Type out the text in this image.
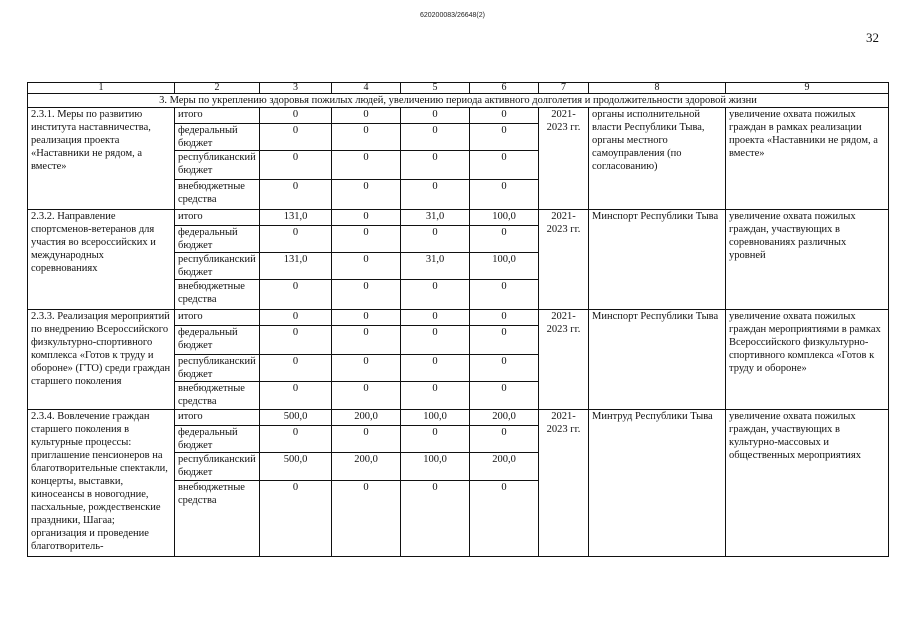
620200083/26648(2)
32
1	2	3	4	5	6	7	8	9
3. Меры по укреплению здоровья пожилых людей, увеличению периода активного долголетия и продолжительности здоровой жизни								
2.3.1. Меры по развитию института наставничества, реализация проекта «Наставники не рядом, а вместе»	итого	0	0	0	0	2021-2023 гг.	органы исполнительной власти Республики Тыва, органы местного самоуправления (по согласованию)	увеличение охвата пожилых граждан в рамках реализации проекта «Наставники не рядом, а вместе»
	федеральный бюджет	0	0	0	0			
	республиканский бюджет	0	0	0	0			
	внебюджетные средства	0	0	0	0			
2.3.2. Направление спортсменов-ветеранов для участия во всероссийских и международных соревнованиях	итого	131,0	0	31,0	100,0	2021-2023 гг.	Минспорт Республики Тыва	увеличение охвата пожилых граждан, участвующих в соревнованиях различных уровней
	федеральный бюджет	0	0	0	0			
	республиканский бюджет	131,0	0	31,0	100,0			
	внебюджетные средства	0	0	0	0			
2.3.3. Реализация мероприятий по внедрению Всероссийского физкультурно-спортивного комплекса «Готов к труду и обороне» (ГТО) среди граждан старшего поколения	итого	0	0	0	0	2021-2023 гг.	Минспорт Республики Тыва	увеличение охвата пожилых граждан мероприятиями в рамках Всероссийского физкультурно-спортивного комплекса «Готов к труду и обороне»
	федеральный бюджет	0	0	0	0			
	республиканский бюджет	0	0	0	0			
	внебюджетные средства	0	0	0	0			
2.3.4. Вовлечение граждан старшего поколения в культурные процессы: приглашение пенсионеров на благотворительные спектакли, концерты, выставки, киносеансы в новогодние, пасхальные, рождественские праздники, Шагаа; организация и проведение благотворитель-	итого	500,0	200,0	100,0	200,0	2021-2023 гг.	Минтруд Республики Тыва	увеличение охвата пожилых граждан, участвующих в культурно-массовых и общественных мероприятиях
	федеральный бюджет	0	0	0	0			
	республиканский бюджет	500,0	200,0	100,0	200,0			
	внебюджетные средства	0	0	0	0			
